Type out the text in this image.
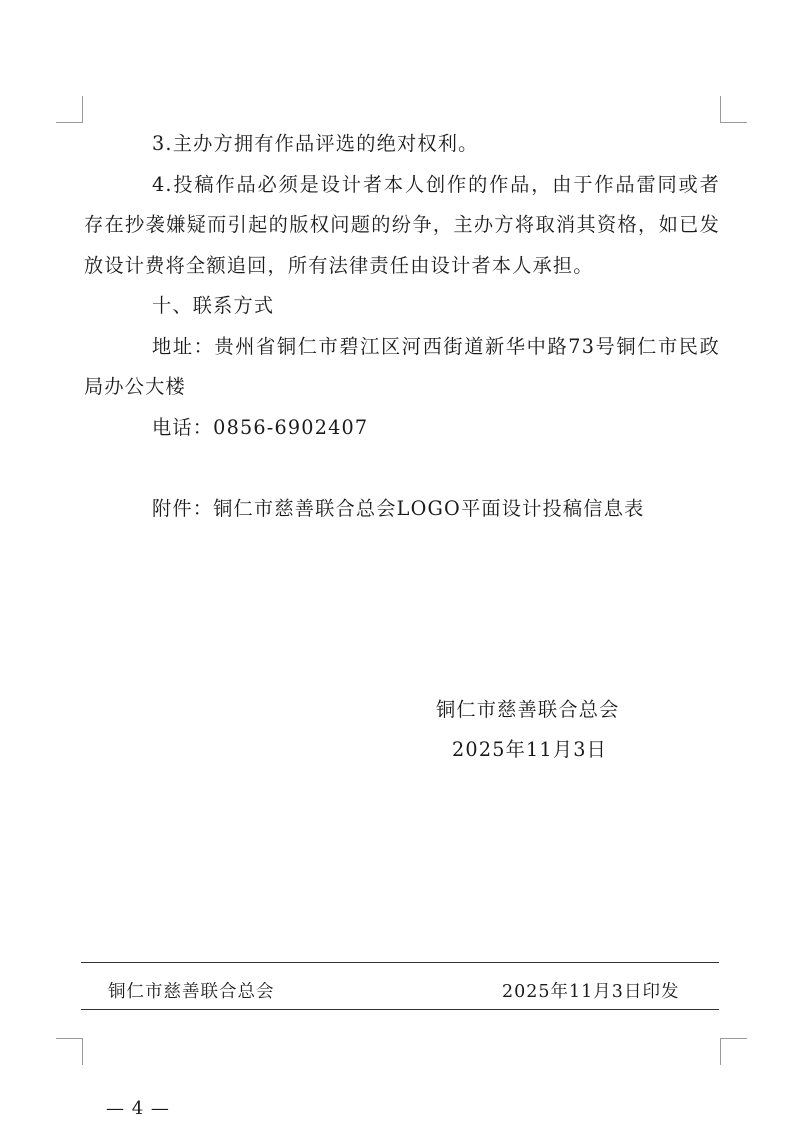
3.主办方拥有作品评选的绝对权利。

4.投稿作品必须是设计者本人创作的作品，由于作品雷同或者存在抄袭嫌疑而引起的版权问题的纷争，主办方将取消其资格，如已发放设计费将全额追回，所有法律责任由设计者本人承担。

十、联系方式

地址：贵州省铜仁市碧江区河西街道新华中路73号铜仁市民政局办公大楼

电话：0856-6902407

附件：铜仁市慈善联合总会LOGO平面设计投稿信息表

铜仁市慈善联合总会
2025年11月3日
铜仁市慈善联合总会	2025年11月3日印发
— 4 —
